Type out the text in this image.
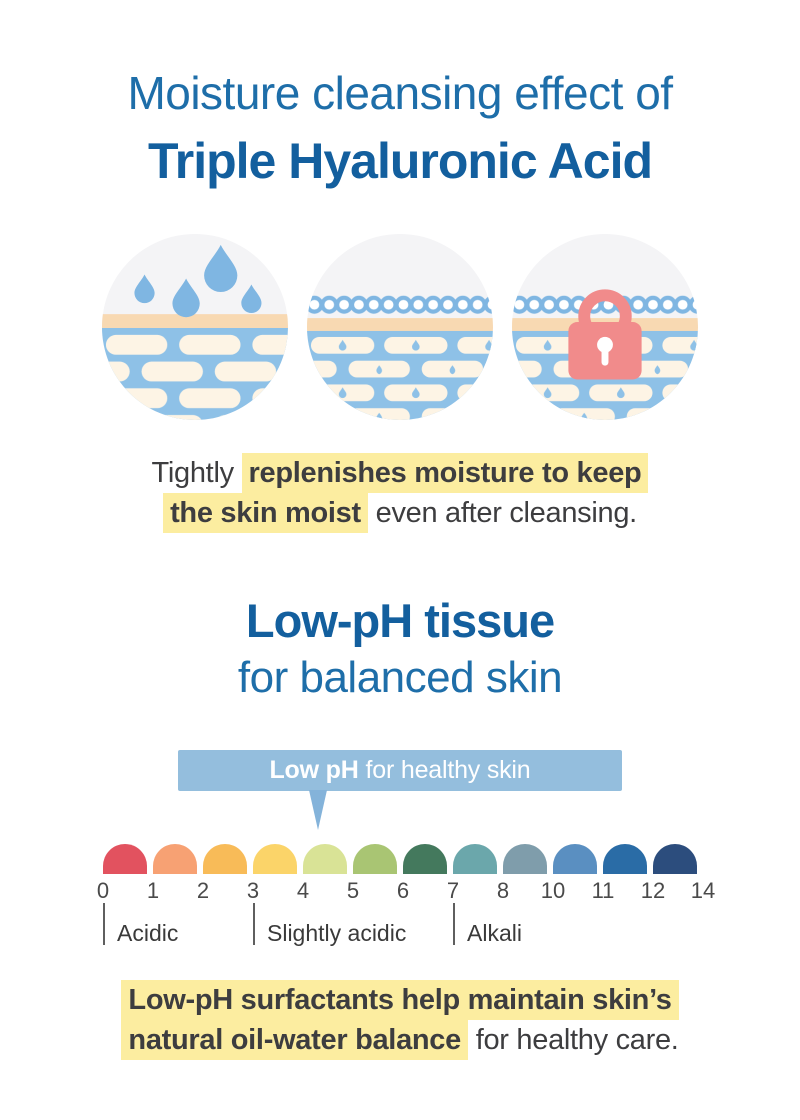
Moisture cleansing effect of
Triple Hyaluronic Acid
Tightly replenishes moisture to keep
the skin moist even after cleansing.
Low-pH tissue
for balanced skin
Low pH for healthy skin
0 1 2 3 4 5 6 7 8 10 11 12 14
Acidic	Slightly acidic	Alkali
Low-pH surfactants help maintain skin’s
natural oil-water balance for healthy care.
